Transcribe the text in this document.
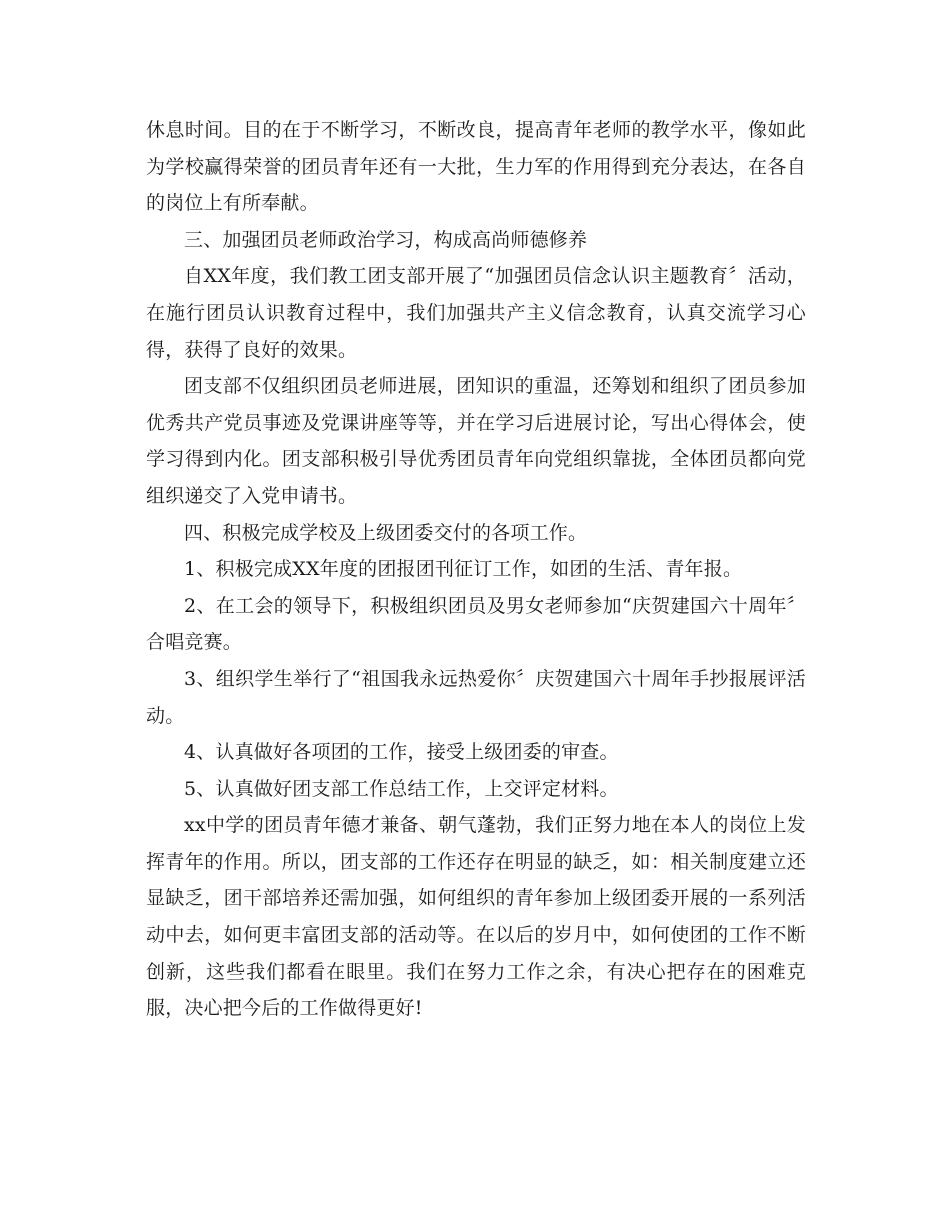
休息时间。目的在于不断学习，不断改良，提高青年老师的教学水平，像如此为学校赢得荣誉的团员青年还有一大批，生力军的作用得到充分表达，在各自的岗位上有所奉献。

三、加强团员老师政治学习，构成高尚师德修养

自XX年度，我们教工团支部开展了“加强团员信念认识主题教育〞活动，在施行团员认识教育过程中，我们加强共产主义信念教育，认真交流学习心得，获得了良好的效果。

团支部不仅组织团员老师进展，团知识的重温，还筹划和组织了团员参加优秀共产党员事迹及党课讲座等等，并在学习后进展讨论，写出心得体会，使学习得到内化。团支部积极引导优秀团员青年向党组织靠拢，全体团员都向党组织递交了入党申请书。

四、积极完成学校及上级团委交付的各项工作。

1、积极完成XX年度的团报团刊征订工作，如团的生活、青年报。

2、在工会的领导下，积极组织团员及男女老师参加“庆贺建国六十周年〞合唱竞赛。

3、组织学生举行了“祖国我永远热爱你〞庆贺建国六十周年手抄报展评活动。

4、认真做好各项团的工作，接受上级团委的审查。

5、认真做好团支部工作总结工作，上交评定材料。

xx中学的团员青年德才兼备、朝气蓬勃，我们正努力地在本人的岗位上发挥青年的作用。所以，团支部的工作还存在明显的缺乏，如：相关制度建立还显缺乏，团干部培养还需加强，如何组织的青年参加上级团委开展的一系列活动中去，如何更丰富团支部的活动等。在以后的岁月中，如何使团的工作不断创新，这些我们都看在眼里。我们在努力工作之余，有决心把存在的困难克服，决心把今后的工作做得更好!
